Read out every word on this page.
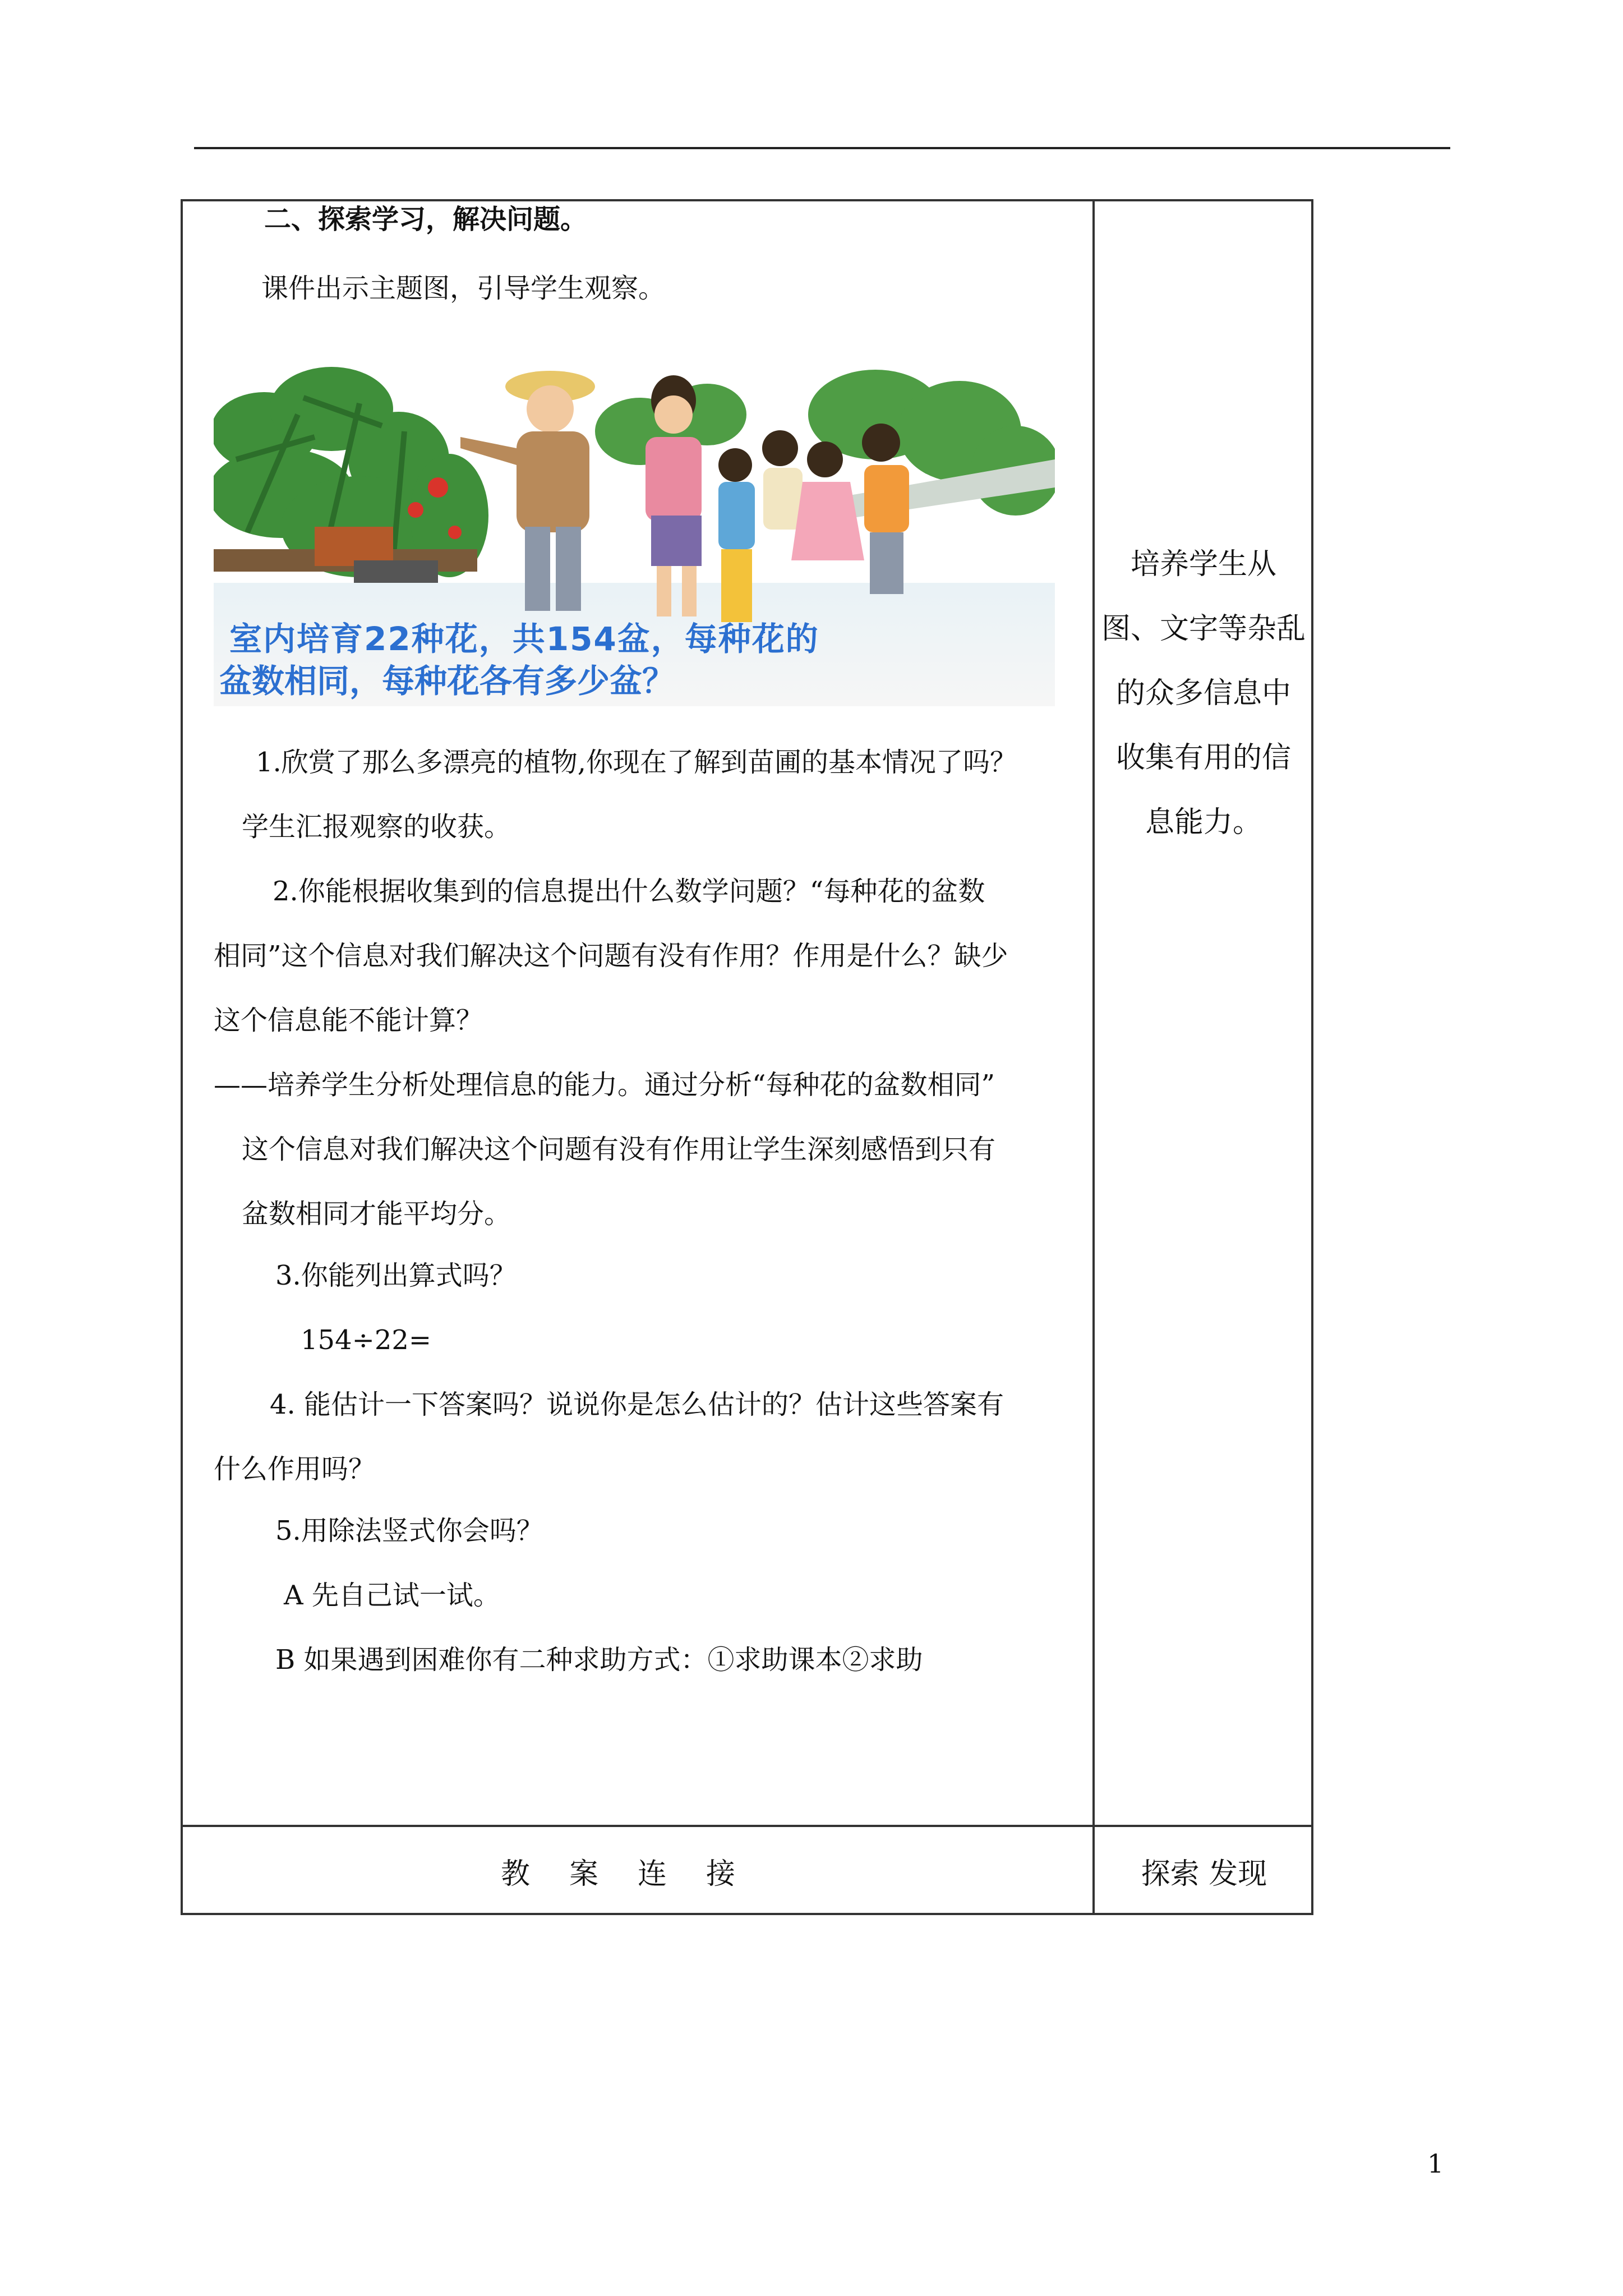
二、探索学习，解决问题。
课件出示主题图，引导学生观察。
室内培育22种花，共154盆，每种花的
盆数相同，每种花各有多少盆？
1.欣赏了那么多漂亮的植物,你现在了解到苗圃的基本情况了吗？
学生汇报观察的收获。
2.你能根据收集到的信息提出什么数学问题？“每种花的盆数
相同”这个信息对我们解决这个问题有没有作用？作用是什么？缺少
这个信息能不能计算？
——培养学生分析处理信息的能力。通过分析“每种花的盆数相同”
这个信息对我们解决这个问题有没有作用让学生深刻感悟到只有
盆数相同才能平均分。
3.你能列出算式吗？
154÷22=
4. 能估计一下答案吗？说说你是怎么估计的？估计这些答案有
什么作用吗？
5.用除法竖式你会吗？
A 先自己试一试。
B 如果遇到困难你有二种求助方式：①求助课本②求助
培养学生从
图、文字等杂乱
的众多信息中
收集有用的信
息能力。
教案连接	探索 发现
1
